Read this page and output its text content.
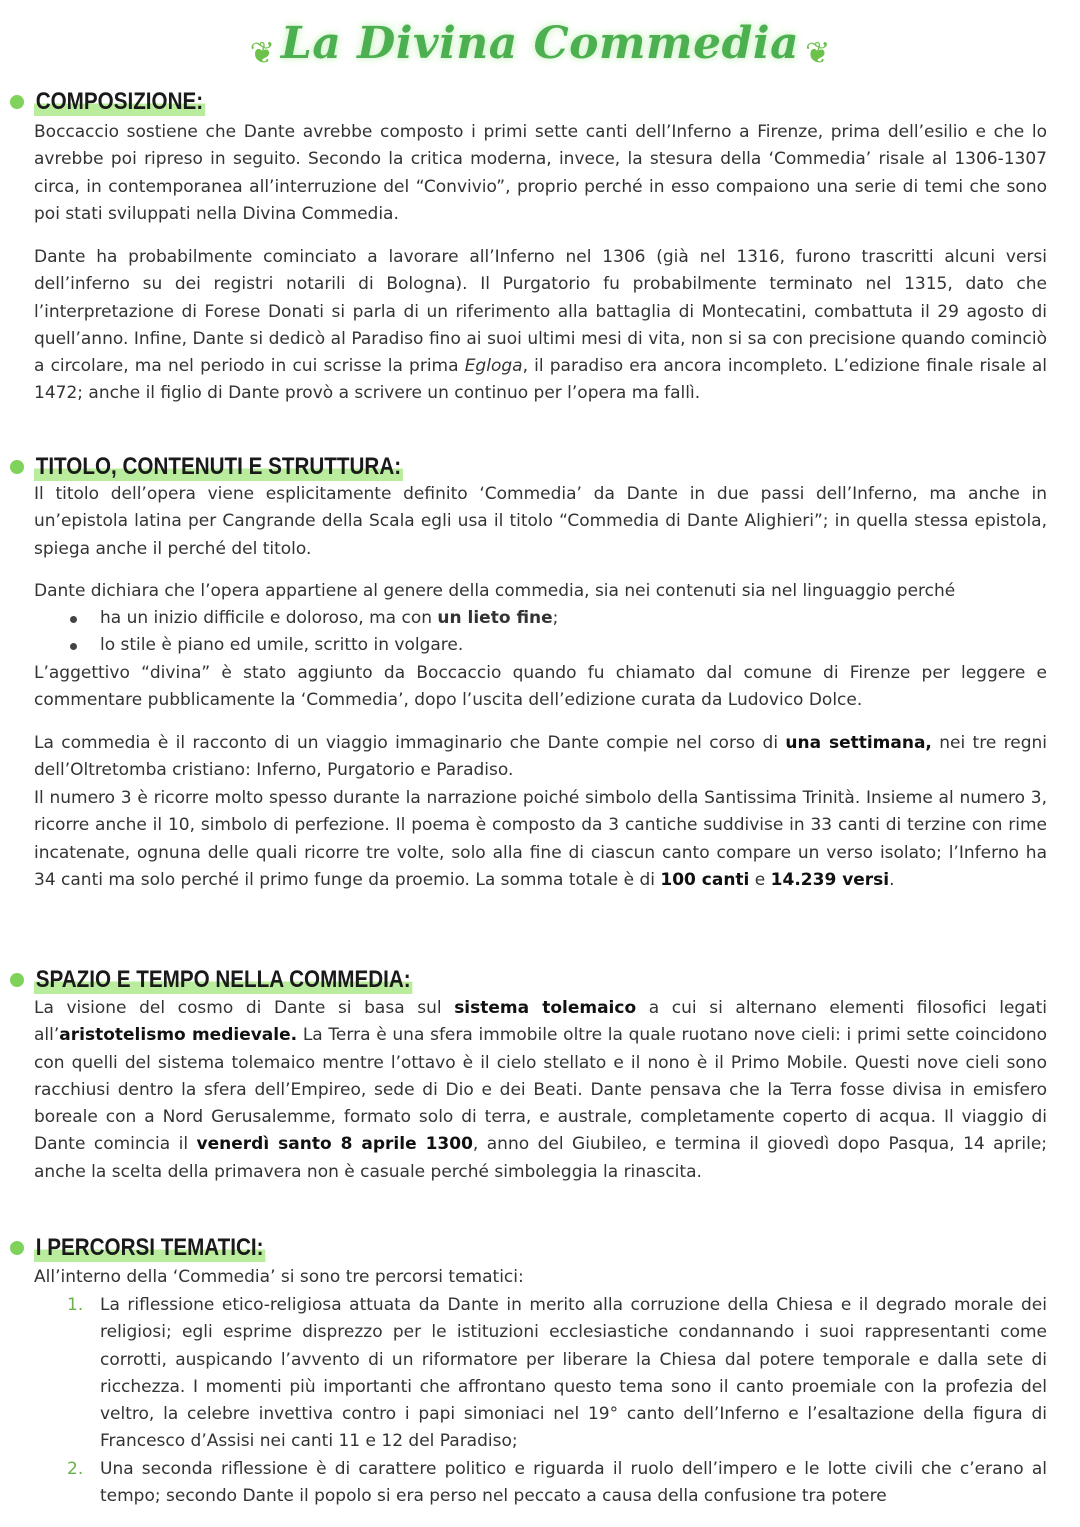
❦ La Divina Commedia ❦
COMPOSIZIONE:

Boccaccio sostiene che Dante avrebbe composto i primi sette canti dell’Inferno a Firenze, prima dell’esilio e che lo avrebbe poi ripreso in seguito. Secondo la critica moderna, invece, la stesura della ‘Commedia’ risale al 1306-1307 circa, in contemporanea all’interruzione del “Convivio”, proprio perché in esso compaiono una serie di temi che sono poi stati sviluppati nella Divina Commedia.

Dante ha probabilmente cominciato a lavorare all’Inferno nel 1306 (già nel 1316, furono trascritti alcuni versi dell’inferno su dei registri notarili di Bologna). Il Purgatorio fu probabilmente terminato nel 1315, dato che l’interpretazione di Forese Donati si parla di un riferimento alla battaglia di Montecatini, combattuta il 29 agosto di quell’anno. Infine, Dante si dedicò al Paradiso fino ai suoi ultimi mesi di vita, non si sa con precisione quando cominciò a circolare, ma nel periodo in cui scrisse la prima Egloga, il paradiso era ancora incompleto. L’edizione finale risale al 1472; anche il figlio di Dante provò a scrivere un continuo per l’opera ma fallì.

TITOLO, CONTENUTI E STRUTTURA:

Il titolo dell’opera viene esplicitamente definito ‘Commedia’ da Dante in due passi dell’Inferno, ma anche in un’epistola latina per Cangrande della Scala egli usa il titolo “Commedia di Dante Alighieri”; in quella stessa epistola, spiega anche il perché del titolo.

Dante dichiara che l’opera appartiene al genere della commedia, sia nei contenuti sia nel linguaggio perché

ha un inizio difficile e doloroso, ma con un lieto fine;
lo stile è piano ed umile, scritto in volgare.

L’aggettivo “divina” è stato aggiunto da Boccaccio quando fu chiamato dal comune di Firenze per leggere e commentare pubblicamente la ‘Commedia’, dopo l’uscita dell’edizione curata da Ludovico Dolce.

La commedia è il racconto di un viaggio immaginario che Dante compie nel corso di una settimana, nei tre regni dell’Oltretomba cristiano: Inferno, Purgatorio e Paradiso.

Il numero 3 è ricorre molto spesso durante la narrazione poiché simbolo della Santissima Trinità. Insieme al numero 3, ricorre anche il 10, simbolo di perfezione. Il poema è composto da 3 cantiche suddivise in 33 canti di terzine con rime incatenate, ognuna delle quali ricorre tre volte, solo alla fine di ciascun canto compare un verso isolato; l’Inferno ha 34 canti ma solo perché il primo funge da proemio. La somma totale è di 100 canti e 14.239 versi.

SPAZIO E TEMPO NELLA COMMEDIA:

La visione del cosmo di Dante si basa sul sistema tolemaico a cui si alternano elementi filosofici legati all’aristotelismo medievale. La Terra è una sfera immobile oltre la quale ruotano nove cieli: i primi sette coincidono con quelli del sistema tolemaico mentre l’ottavo è il cielo stellato e il nono è il Primo Mobile. Questi nove cieli sono racchiusi dentro la sfera dell’Empireo, sede di Dio e dei Beati. Dante pensava che la Terra fosse divisa in emisfero boreale con a Nord Gerusalemme, formato solo di terra, e australe, completamente coperto di acqua. Il viaggio di Dante comincia il venerdì santo 8 aprile 1300, anno del Giubileo, e termina il giovedì dopo Pasqua, 14 aprile; anche la scelta della primavera non è casuale perché simboleggia la rinascita.

I PERCORSI TEMATICI:

All’interno della ‘Commedia’ si sono tre percorsi tematici:

1. La riflessione etico-religiosa attuata da Dante in merito alla corruzione della Chiesa e il degrado morale dei religiosi; egli esprime disprezzo per le istituzioni ecclesiastiche condannando i suoi rappresentanti come corrotti, auspicando l’avvento di un riformatore per liberare la Chiesa dal potere temporale e dalla sete di ricchezza. I momenti più importanti che affrontano questo tema sono il canto proemiale con la profezia del veltro, la celebre invettiva contro i papi simoniaci nel 19° canto dell’Inferno e l’esaltazione della figura di Francesco d’Assisi nei canti 11 e 12 del Paradiso;
2. Una seconda riflessione è di carattere politico e riguarda il ruolo dell’impero e le lotte civili che c’erano al tempo; secondo Dante il popolo si era perso nel peccato a causa della confusione tra potere
